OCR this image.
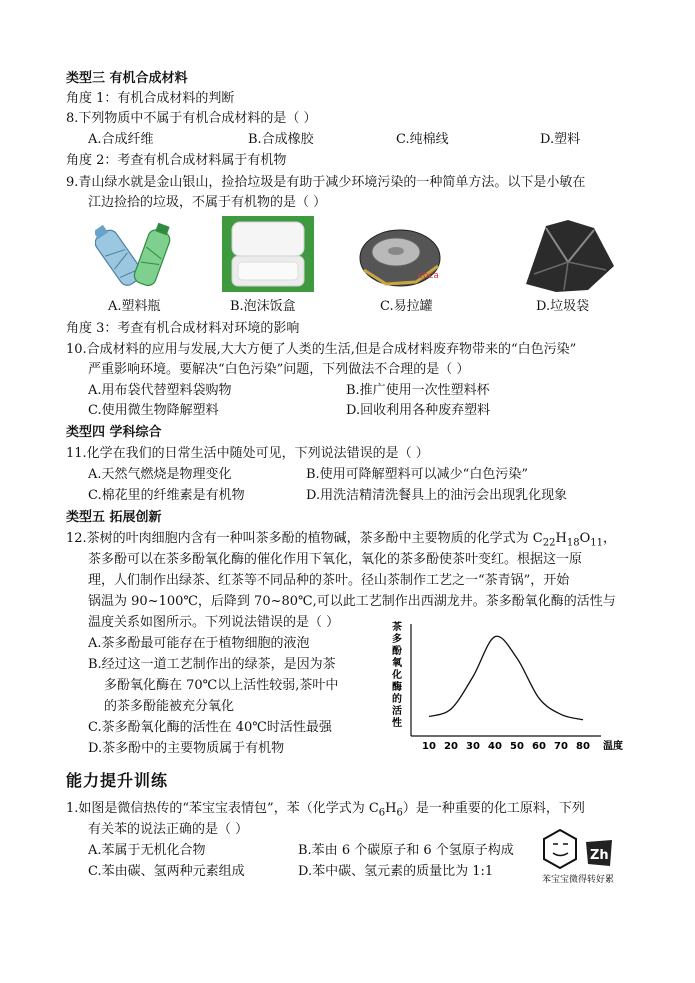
类型三 有机合成材料
角度 1：有机合成材料的判断
8.下列物质中不属于有机合成材料的是（ ）
A.合成纤维	B.合成橡胶	C.纯棉线	D.塑料
角度 2：考查有机合成材料属于有机物
9.青山绿水就是金山银山，捡拾垃圾是有助于减少环境污染的一种简单方法。以下是小敏在
江边捡拾的垃圾，不属于有机物的是（ ）
coca
A.塑料瓶	B.泡沫饭盒	C.易拉罐	D.垃圾袋
角度 3：考查有机合成材料对环境的影响
10.合成材料的应用与发展,大大方便了人类的生活,但是合成材料废弃物带来的“白色污染”
严重影响环境。要解决“白色污染”问题，下列做法不合理的是（ ）
A.用布袋代替塑料袋购物	B.推广使用一次性塑料杯
C.使用微生物降解塑料	D.回收利用各种废弃塑料
类型四 学科综合
11.化学在我们的日常生活中随处可见，下列说法错误的是（ ）
A.天然气燃烧是物理变化	B.使用可降解塑料可以减少“白色污染”
C.棉花里的纤维素是有机物	D.用洗洁精清洗餐具上的油污会出现乳化现象
类型五 拓展创新
12.茶树的叶肉细胞内含有一种叫茶多酚的植物碱，茶多酚中主要物质的化学式为 $C_{22}H_{18}O_{11}$，
茶多酚可以在茶多酚氧化酶的催化作用下氧化，氧化的茶多酚使茶叶变红。根据这一原
理，人们制作出绿茶、红茶等不同品种的茶叶。径山茶制作工艺之一“茶青锅”，开始
锅温为 90~100℃，后降到 70~80℃,可以此工艺制作出西湖龙井。茶多酚氧化酶的活性与
温度关系如图所示。下列说法错误的是（ ）
A.茶多酚最可能存在于植物细胞的液泡
B.经过这一道工艺制作出的绿茶，是因为茶
多酚氧化酶在 70℃以上活性较弱,茶叶中
的茶多酚能被充分氧化
C.茶多酚氧化酶的活性在 40℃时活性最强
D.茶多酚中的主要物质属于有机物
茶
多
酚
氧
化
酶
的
活
性
10 20 30 40 50 60 70 80 温度
能力提升训练
1.如图是微信热传的“苯宝宝表情包”，苯（化学式为 $C_6H_6$）是一种重要的化工原料，下列
有关苯的说法正确的是（ ）
A.苯属于无机化合物	B.苯由 6 个碳原子和 6 个氢原子构成
C.苯由碳、氢两种元素组成	D.苯中碳、氢元素的质量比为 1:1
Zh
苯宝宝微得转好累
